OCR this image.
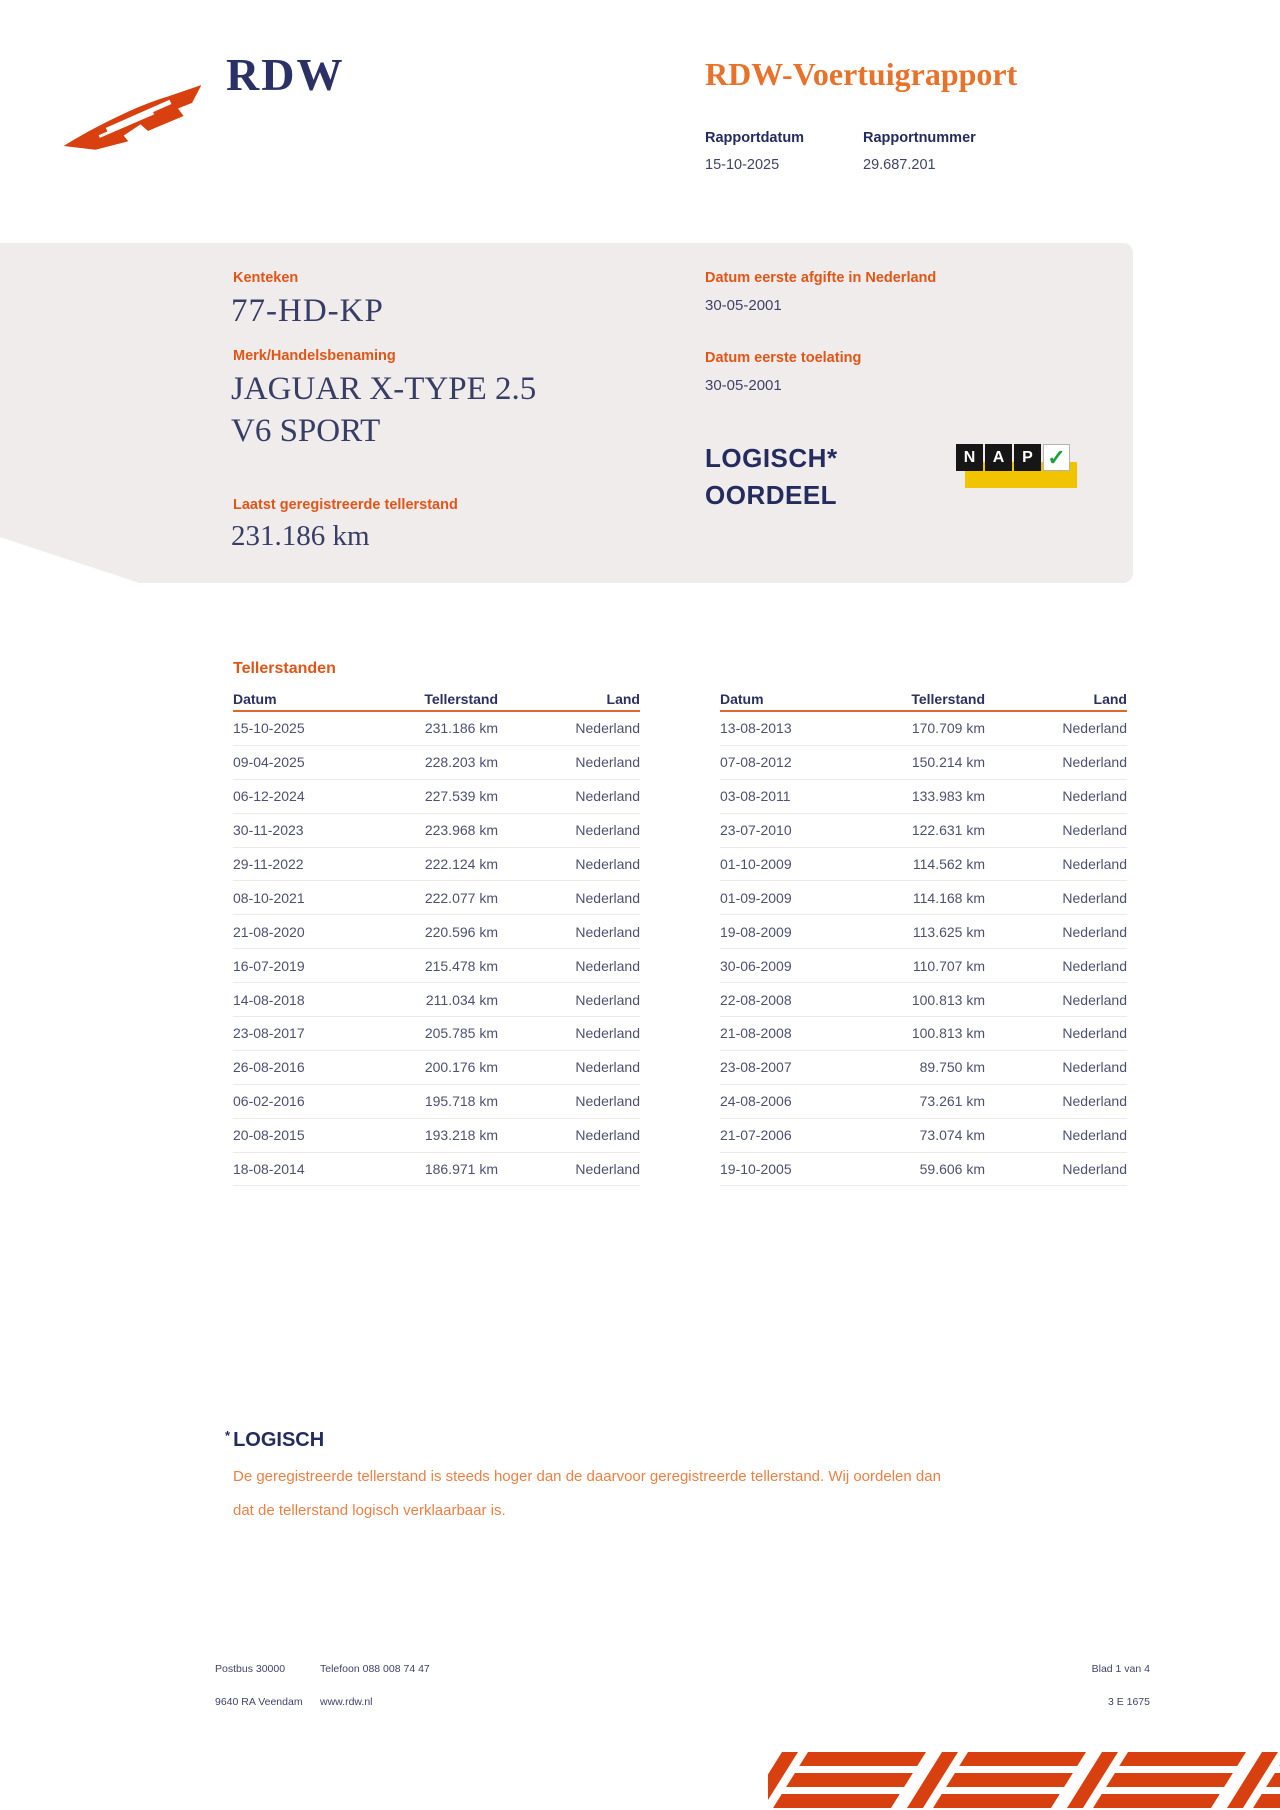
RDW	RDW-Voertuigrapport
Rapportdatum
15-10-2025
Rapportnummer
29.687.201
Kenteken
77-HD-KP
Merk/Handelsbenaming
JAGUAR X-TYPE 2.5
V6 SPORT
Laatst geregistreerde tellerstand
231.186 km
Datum eerste afgifte in Nederland
30-05-2001
Datum eerste toelating
30-05-2001
LOGISCH*
OORDEEL
N	A	P ✓
Tellerstanden
Datum	Tellerstand	Land
15-10-2025	231.186 km	Nederland
09-04-2025	228.203 km	Nederland
06-12-2024	227.539 km	Nederland
30-11-2023	223.968 km	Nederland
29-11-2022	222.124 km	Nederland
08-10-2021	222.077 km	Nederland
21-08-2020	220.596 km	Nederland
16-07-2019	215.478 km	Nederland
14-08-2018	211.034 km	Nederland
23-08-2017	205.785 km	Nederland
26-08-2016	200.176 km	Nederland
06-02-2016	195.718 km	Nederland
20-08-2015	193.218 km	Nederland
18-08-2014	186.971 km	Nederland
Datum	Tellerstand	Land
13-08-2013	170.709 km	Nederland
07-08-2012	150.214 km	Nederland
03-08-2011	133.983 km	Nederland
23-07-2010	122.631 km	Nederland
01-10-2009	114.562 km	Nederland
01-09-2009	114.168 km	Nederland
19-08-2009	113.625 km	Nederland
30-06-2009	110.707 km	Nederland
22-08-2008	100.813 km	Nederland
21-08-2008	100.813 km	Nederland
23-08-2007	89.750 km	Nederland
24-08-2006	73.261 km	Nederland
21-07-2006	73.074 km	Nederland
19-10-2005	59.606 km	Nederland
* LOGISCH
De geregistreerde tellerstand is steeds hoger dan de daarvoor geregistreerde tellerstand. Wij oordelen dan
dat de tellerstand logisch verklaarbaar is.
Postbus 30000
9640 RA Veendam
Telefoon 088 008 74 47
www.rdw.nl
Blad 1 van 4
3 E 1675
